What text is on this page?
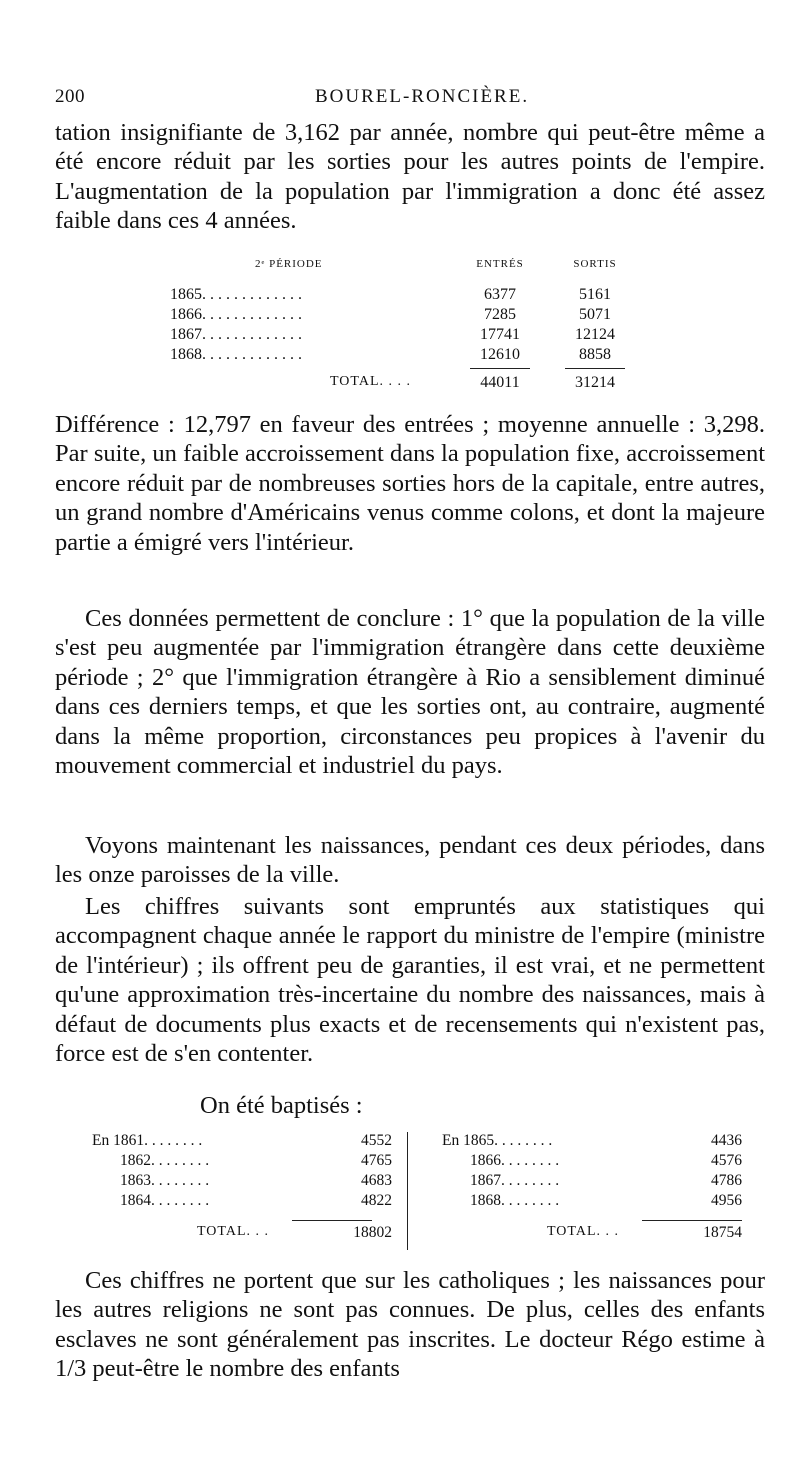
200	BOUREL-RONCIÈRE.

tation insignifiante de 3,162 par année, nombre qui peut-être même a été encore réduit par les sorties pour les autres points de l'empire. L'augmentation de la population par l'immigration a donc été assez faible dans ces 4 années.

2ᵉ PÉRIODE	ENTRÉS	SORTIS
1865. . . . . . . . . . . . .	6377	5161
1866. . . . . . . . . . . . .	7285	5071
1867. . . . . . . . . . . . .	17741	12124
1868. . . . . . . . . . . . .	12610	8858
TOTAL. . . .	44011	31214

Différence : 12,797 en faveur des entrées ; moyenne annuelle : 3,298. Par suite, un faible accroissement dans la population fixe, accroissement encore réduit par de nombreuses sorties hors de la capitale, entre autres, un grand nombre d'Américains venus comme colons, et dont la majeure partie a émigré vers l'intérieur.

Ces données permettent de conclure : 1° que la population de la ville s'est peu augmentée par l'immigration étrangère dans cette deuxième période ; 2° que l'immigration étrangère à Rio a sensiblement diminué dans ces derniers temps, et que les sorties ont, au contraire, augmenté dans la même proportion, circonstances peu propices à l'avenir du mouvement commercial et industriel du pays.

Voyons maintenant les naissances, pendant ces deux périodes, dans les onze paroisses de la ville.

Les chiffres suivants sont empruntés aux statistiques qui accompagnent chaque année le rapport du ministre de l'empire (ministre de l'intérieur) ; ils offrent peu de garanties, il est vrai, et ne permettent qu'une approximation très-incertaine du nombre des naissances, mais à défaut de documents plus exacts et de recensements qui n'existent pas, force est de s'en contenter.

On été baptisés :

En 1861. . . . . . . .	4552
1862. . . . . . . .	4765
1863. . . . . . . .	4683
1864. . . . . . . .	4822
TOTAL. . .	18802
En 1865. . . . . . . .	4436
1866. . . . . . . .	4576
1867. . . . . . . .	4786
1868. . . . . . . .	4956
TOTAL. . .	18754

Ces chiffres ne portent que sur les catholiques ; les naissances pour les autres religions ne sont pas connues. De plus, celles des enfants esclaves ne sont généralement pas inscrites. Le docteur Régo estime à 1/3 peut-être le nombre des enfants
